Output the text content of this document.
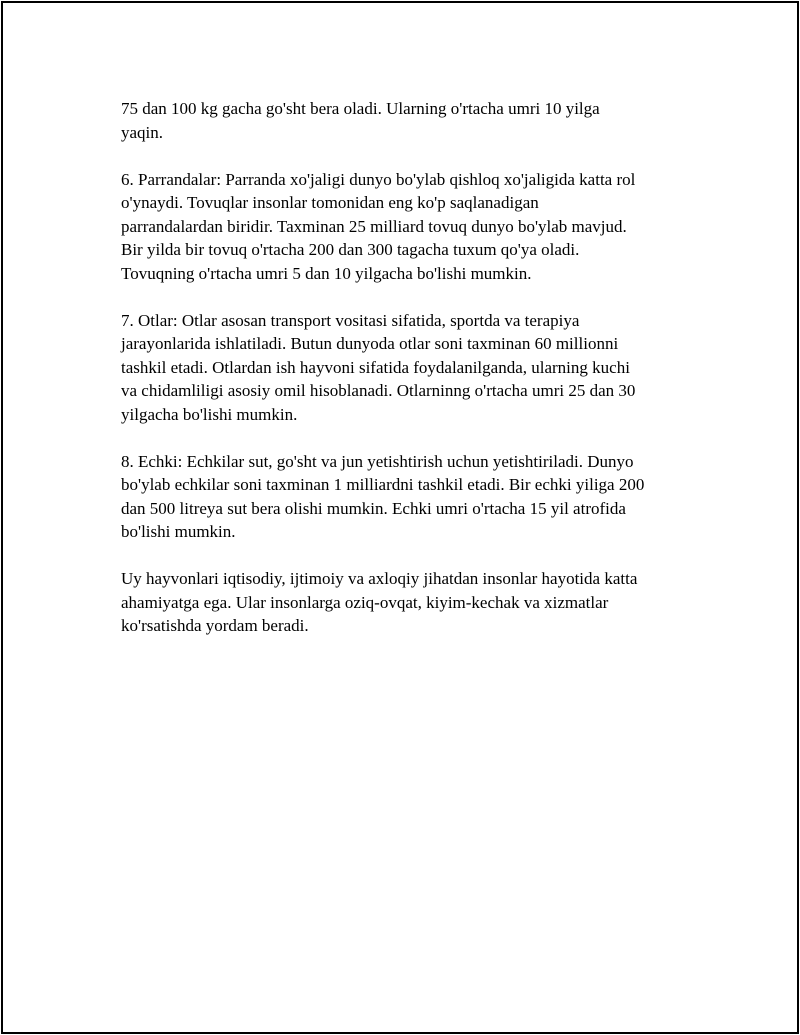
75 dan 100 kg gacha go'sht bera oladi. Ularning o'rtacha umri 10 yilga
yaqin.

6. Parrandalar: Parranda xo'jaligi dunyo bo'ylab qishloq xo'jaligida katta rol
o'ynaydi. Tovuqlar insonlar tomonidan eng ko'p saqlanadigan
parrandalardan biridir. Taxminan 25 milliard tovuq dunyo bo'ylab mavjud.
Bir yilda bir tovuq o'rtacha 200 dan 300 tagacha tuxum qo'ya oladi.
Tovuqning o'rtacha umri 5 dan 10 yilgacha bo'lishi mumkin.

7. Otlar: Otlar asosan transport vositasi sifatida, sportda va terapiya
jarayonlarida ishlatiladi. Butun dunyoda otlar soni taxminan 60 millionni
tashkil etadi. Otlardan ish hayvoni sifatida foydalanilganda, ularning kuchi
va chidamliligi asosiy omil hisoblanadi. Otlarninng o'rtacha umri 25 dan 30
yilgacha bo'lishi mumkin.

8. Echki: Echkilar sut, go'sht va jun yetishtirish uchun yetishtiriladi. Dunyo
bo'ylab echkilar soni taxminan 1 milliardni tashkil etadi. Bir echki yiliga 200
dan 500 litreya sut bera olishi mumkin. Echki umri o'rtacha 15 yil atrofida
bo'lishi mumkin.

Uy hayvonlari iqtisodiy, ijtimoiy va axloqiy jihatdan insonlar hayotida katta
ahamiyatga ega. Ular insonlarga oziq-ovqat, kiyim-kechak va xizmatlar
ko'rsatishda yordam beradi.
